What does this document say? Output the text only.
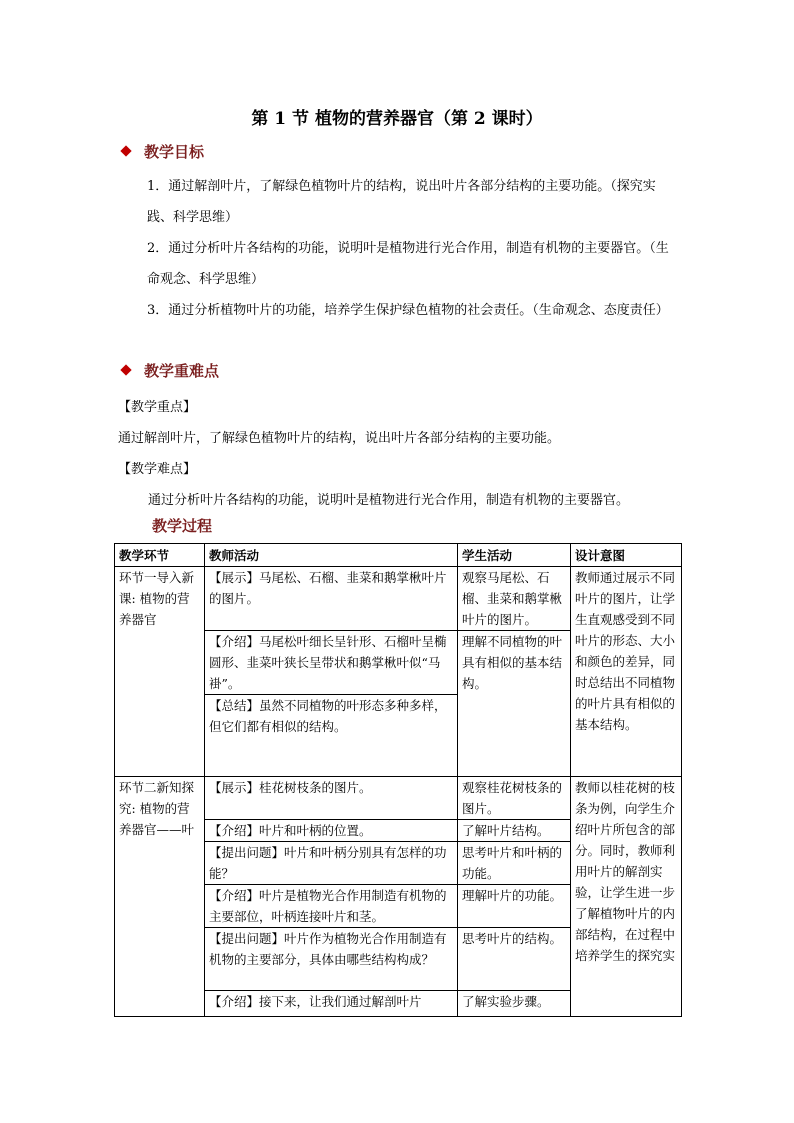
第 1 节 植物的营养器官（第 2 课时）
教学目标
1．通过解剖叶片，了解绿色植物叶片的结构，说出叶片各部分结构的主要功能。（探究实践、科学思维）
2．通过分析叶片各结构的功能，说明叶是植物进行光合作用，制造有机物的主要器官。（生命观念、科学思维）
3．通过分析植物叶片的功能，培养学生保护绿色植物的社会责任。（生命观念、态度责任）
教学重难点
【教学重点】
通过解剖叶片，了解绿色植物叶片的结构，说出叶片各部分结构的主要功能。
【教学难点】
通过分析叶片各结构的功能，说明叶是植物进行光合作用，制造有机物的主要器官。
教学过程
教学环节	教师活动	学生活动	设计意图
环节一导入新课: 植物的营养器官	【展示】马尾松、石榴、韭菜和鹅掌楸叶片的图片。	观察马尾松、石榴、韭菜和鹅掌楸叶片的图片。	教师通过展示不同叶片的图片，让学生直观感受到不同叶片的形态、大小和颜色的差异，同时总结出不同植物的叶片具有相似的基本结构。
	【介绍】马尾松叶细长呈针形、石榴叶呈椭圆形、韭菜叶狭长呈带状和鹅掌楸叶似“马褂”。	理解不同植物的叶具有相似的基本结构。	
	【总结】虽然不同植物的叶形态多种多样，但它们都有相似的结构。		
环节二新知探究: 植物的营养器官——叶	【展示】桂花树枝条的图片。	观察桂花树枝条的图片。	教师以桂花树的枝条为例，向学生介绍叶片所包含的部分。同时，教师利用叶片的解剖实验，让学生进一步了解植物叶片的内部结构，在过程中培养学生的探究实
	【介绍】叶片和叶柄的位置。	了解叶片结构。	
	【提出问题】叶片和叶柄分别具有怎样的功能？	思考叶片和叶柄的功能。	
	【介绍】叶片是植物光合作用制造有机物的主要部位，叶柄连接叶片和茎。	理解叶片的功能。	
	【提出问题】叶片作为植物光合作用制造有机物的主要部分，具体由哪些结构构成？	思考叶片的结构。	
	【介绍】接下来，让我们通过解剖叶片	了解实验步骤。	
